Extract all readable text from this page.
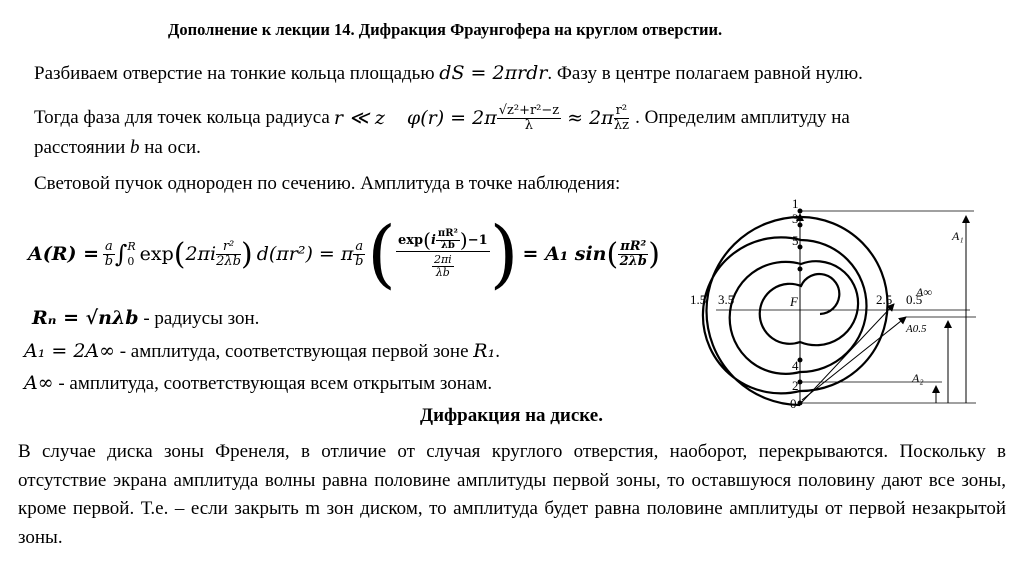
Дополнение к лекции 14. Дифракция Фраунгофера на круглом отверстии.
Разбиваем отверстие на тонкие кольца площадью dS = 2πrdr. Фазу в центре полагаем равной нулю.
Тогда фаза для точек кольца радиуса r ≪ z $\varphi(r) = 2\pi \frac{\text{√z²+r²−z}}{\lambda} \approx 2\pi \frac{\text{r²}}{\lambda z}$ . Определим амплитуду на
расстоянии b на оси.
Световой пучок однороден по сечению. Амплитуда в точке наблюдения:
$A(R) = \frac{a}{b}$ ∫ R
0 exp ( $2\pi i \frac{\text{r²}}{2\lambda b}$ ) d(πr²) = π $\frac{a}{b}$ ( $\frac{\exp ( i \frac{\text{πR²}}{\lambda b} ) -1}{\frac{2\pi i}{\lambda b}}$ ) = A₁ sin ( $\frac{\text{πR²}}{2\lambda b}$ )
Rₙ = √nλb - радиусы зон.
A₁ = 2A∞ - амплитуда, соответствующая первой зоне R₁.
A∞ - амплитуда, соответствующая всем открытым зонам.
Дифракция на диске.
В случае диска зоны Френеля, в отличие от случая круглого отверстия, наоборот, перекрываются. Поскольку в отсутствие экрана амплитуда волны равна половине амплитуды первой зоны, то оставшуюся половину дают все зоны, кроме первой. Т.е. – если закрыть m зон диском, то амплитуда будет равна половине амплитуды от первой незакрытой зоны.
1
3
5
4
2
0
1.5 3.5	2.5 0.5
F
A₁
A∞
A0.5
A₂
